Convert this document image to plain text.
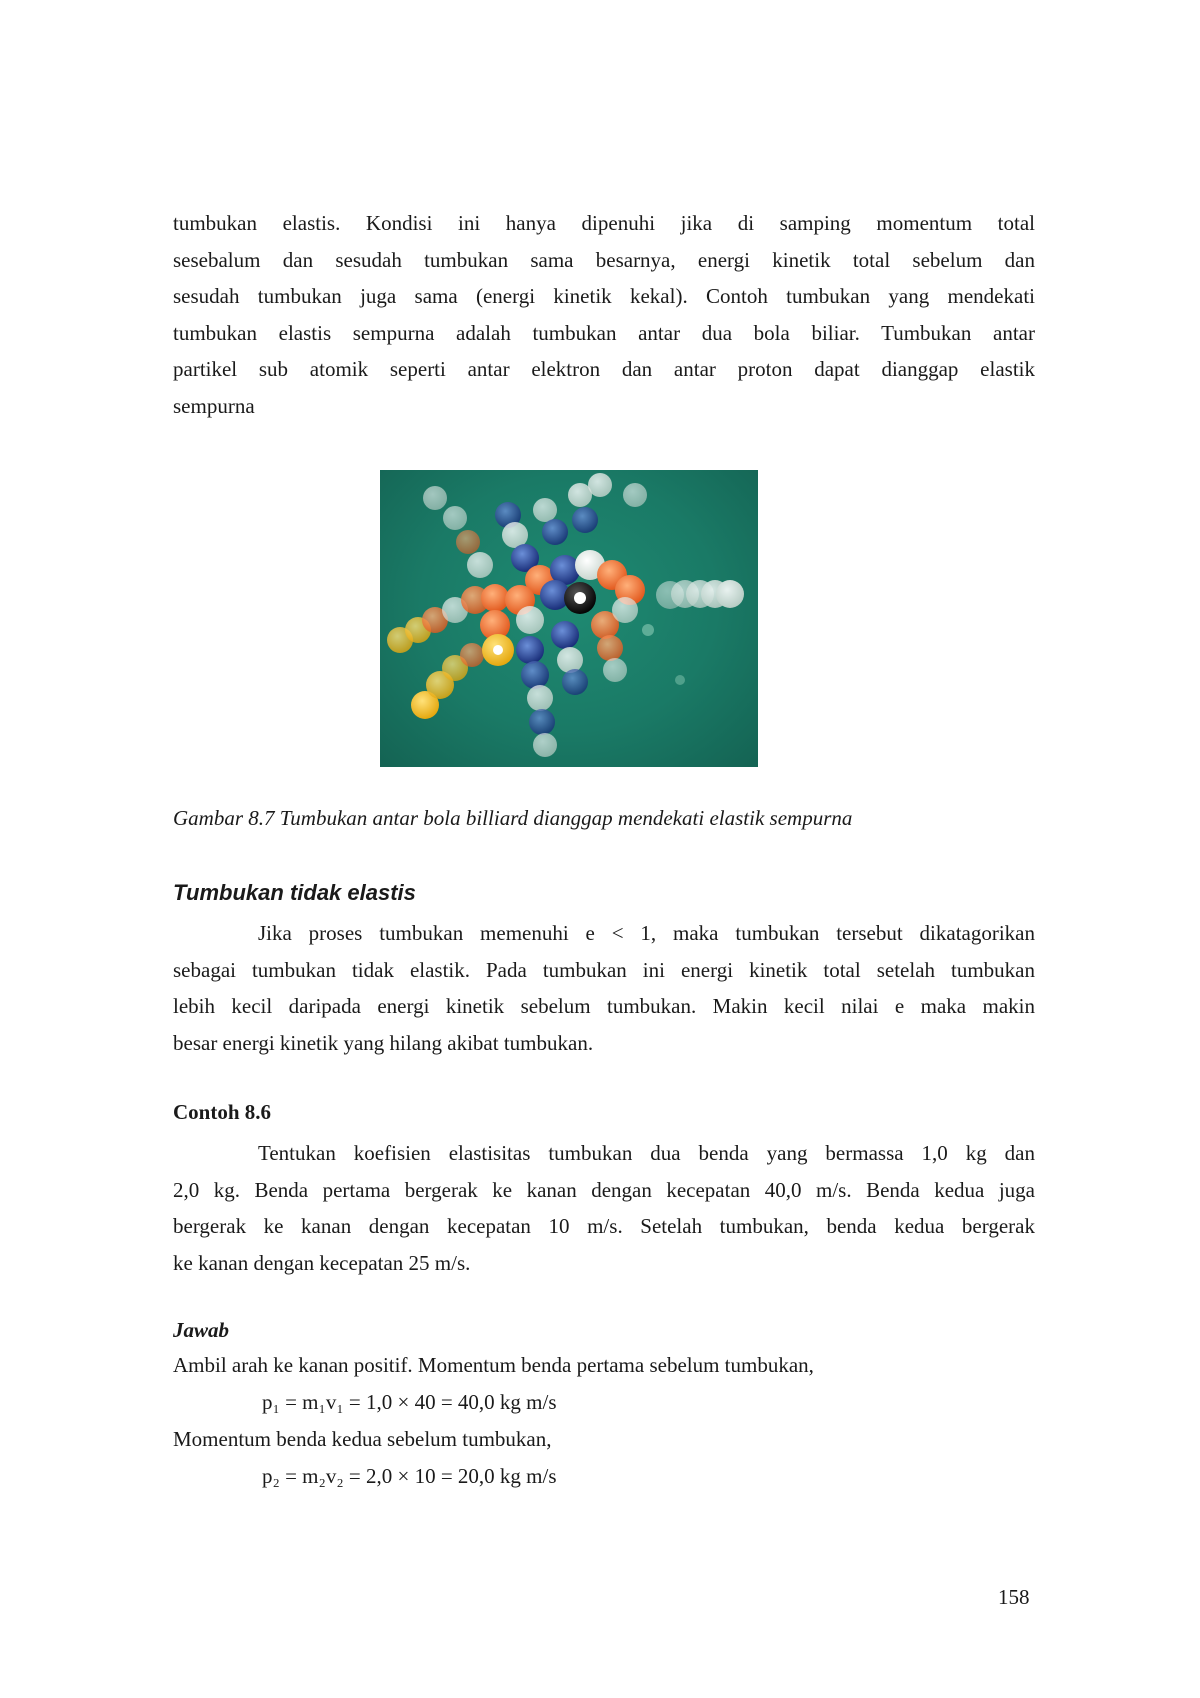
tumbukan elastis. Kondisi ini hanya dipenuhi jika di samping momentum total
sesebalum dan sesudah tumbukan sama besarnya, energi kinetik total sebelum dan
sesudah tumbukan juga sama (energi kinetik kekal). Contoh tumbukan yang mendekati
tumbukan elastis sempurna adalah tumbukan antar dua bola biliar. Tumbukan antar
partikel sub atomik seperti antar elektron dan antar proton dapat dianggap elastik
sempurna

Gambar 8.7 Tumbukan antar bola billiard dianggap mendekati elastik sempurna

Tumbukan tidak elastis

Jika proses tumbukan memenuhi e < 1, maka tumbukan tersebut dikatagorikan
sebagai tumbukan tidak elastik. Pada tumbukan ini energi kinetik total setelah tumbukan
lebih kecil daripada energi kinetik sebelum tumbukan. Makin kecil nilai e maka makin
besar energi kinetik yang hilang akibat tumbukan.

Contoh 8.6

Tentukan koefisien elastisitas tumbukan dua benda yang bermassa 1,0 kg dan
2,0 kg. Benda pertama bergerak ke kanan dengan kecepatan 40,0 m/s. Benda kedua juga
bergerak ke kanan dengan kecepatan 10 m/s. Setelah tumbukan, benda kedua bergerak
ke kanan dengan kecepatan 25 m/s.

Jawab

Ambil arah ke kanan positif. Momentum benda pertama sebelum tumbukan,

p₁ = m₁v₁ = 1,0 × 40 = 40,0 kg m/s

Momentum benda kedua sebelum tumbukan,

p₂ = m₂v₂ = 2,0 × 10 = 20,0 kg m/s

158
